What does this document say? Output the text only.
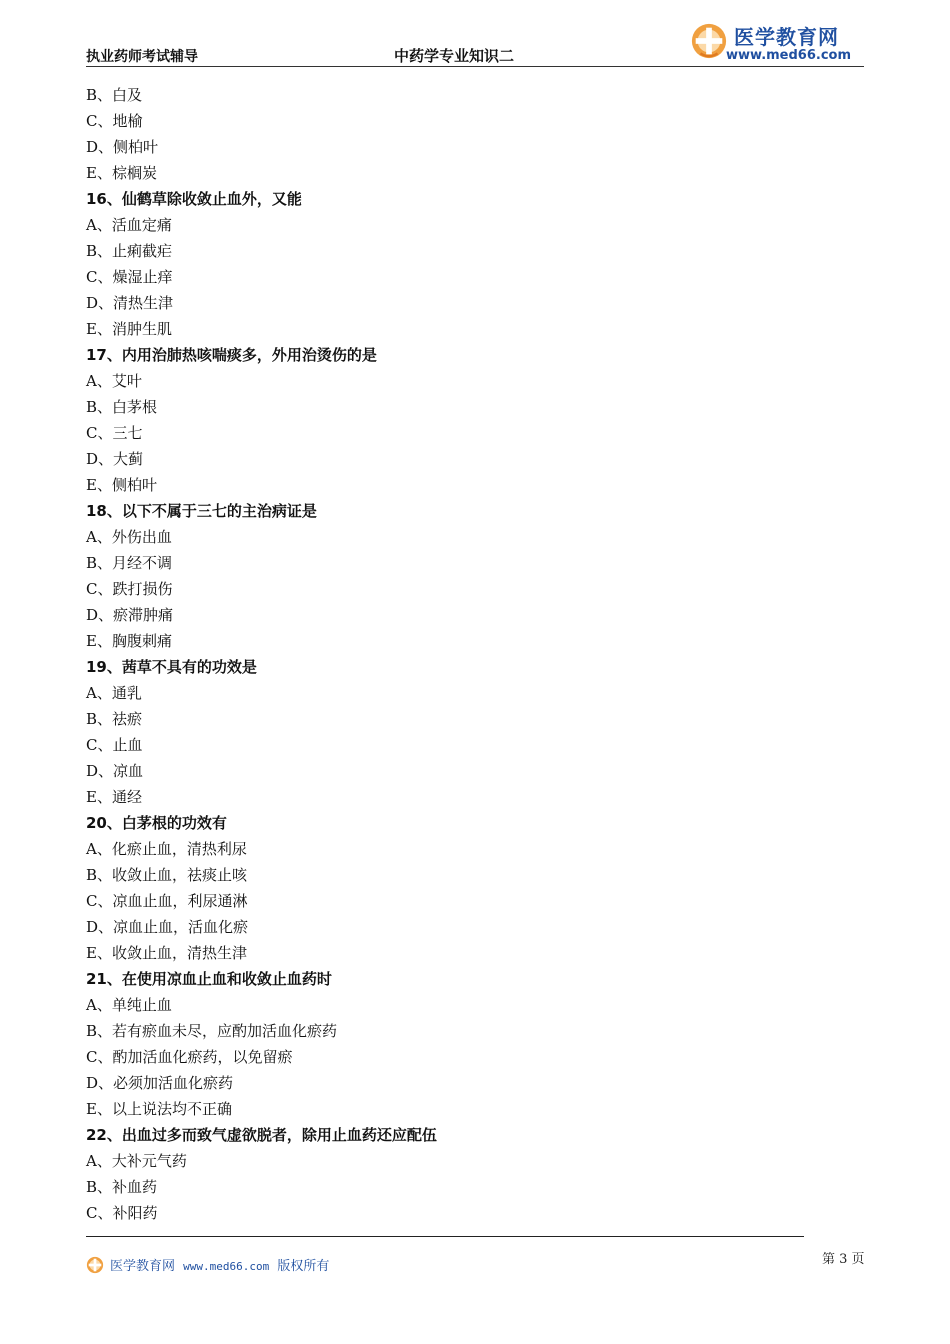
执业药师考试辅导	中药学专业知识二
医学教育网
www.med66.com
B、白及
C、地榆
D、侧柏叶
E、棕榈炭
16、仙鹤草除收敛止血外，又能
A、活血定痛
B、止痢截疟
C、燥湿止痒
D、清热生津
E、消肿生肌
17、内用治肺热咳喘痰多，外用治烫伤的是
A、艾叶
B、白茅根
C、三七
D、大蓟
E、侧柏叶
18、以下不属于三七的主治病证是
A、外伤出血
B、月经不调
C、跌打损伤
D、瘀滞肿痛
E、胸腹刺痛
19、茜草不具有的功效是
A、通乳
B、祛瘀
C、止血
D、凉血
E、通经
20、白茅根的功效有
A、化瘀止血，清热利尿
B、收敛止血，祛痰止咳
C、凉血止血，利尿通淋
D、凉血止血，活血化瘀
E、收敛止血，清热生津
21、在使用凉血止血和收敛止血药时
A、单纯止血
B、若有瘀血未尽，应酌加活血化瘀药
C、酌加活血化瘀药，以免留瘀
D、必须加活血化瘀药
E、以上说法均不正确
22、出血过多而致气虚欲脱者，除用止血药还应配伍
A、大补元气药
B、补血药
C、补阳药
第 3 页
医学教育网 www.med66.com 版权所有
